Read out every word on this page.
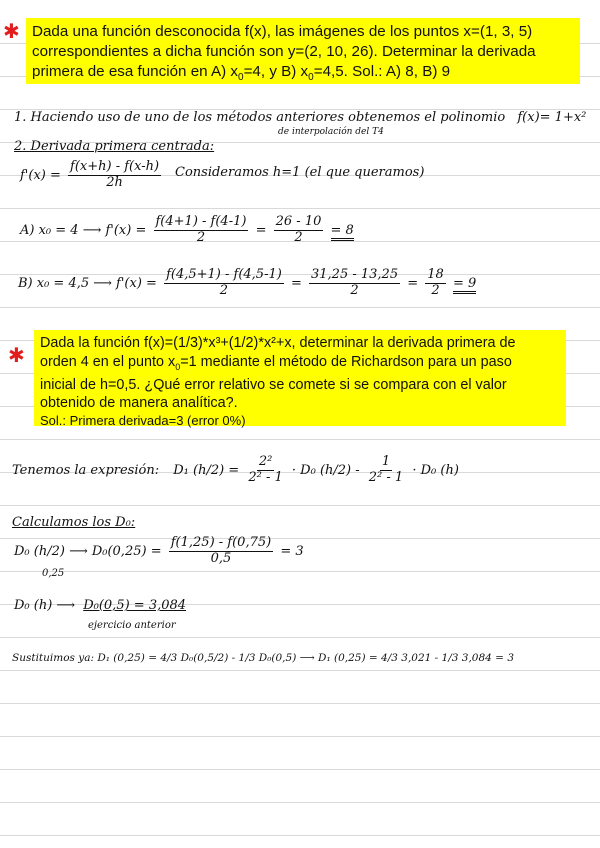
✱ Dada una función desconocida f(x), las imágenes de los puntos x=(1, 3, 5)
correspondientes a dicha función son y=(2, 10, 26). Determinar la derivada
primera de esa función en A) $x_0=4$, y B) $x_0=4,5$. Sol.: A) 8, B) 9
1. Haciendo uso de uno de los métodos anteriores obtenemos el polinomio f(x)= 1+x²
de interpolación del T4
2. Derivada primera centrada:
$f'(x) = \frac{f(x+h) - f(x-h)}{2h}$ Consideramos h=1 (el que queramos)
A) x₀ = 4 ⟶ $f'(x) = \frac{f(4+1) - f(4-1)}{2} = \frac{26 - 10}{2} = 8$
B) x₀ = 4,5 ⟶ $f'(x) = \frac{f(4,5+1) - f(4,5-1)}{2} = \frac{31,25 - 13,25}{2} = \frac{18}{2} = 9$
✱ Dada la función f(x)=(1/3)*x³+(1/2)*x²+x, determinar la derivada primera de
orden 4 en el punto $x_0=1$ mediante el método de Richardson para un paso
inicial de h=0,5. ¿Qué error relativo se comete si se compara con el valor
obtenido de manera analítica?.
Sol.: Primera derivada=3 (error 0%)
Tenemos la expresión: D₁ $(h/2) = \frac{\text{2²}}{\text{2² - 1}} \cdot D_0$ $(h/2) - \frac{1}{\text{2² - 1}} \cdot D_0$ (h)
Calculamos los D₀:
D₀ (h/2) ⟶ $D_0(0,25) = \frac{f(1,25) - f(0,75)}{0,5} = 3$
0,25
D₀ (h) ⟶ D₀(0,5) = 3,084
ejercicio anterior
Sustituimos ya: D₁ (0,25) = 4/3 D₀(0,5/2) - 1/3 D₀(0,5) ⟶ D₁ (0,25) = 4/3 3,021 - 1/3 3,084 = 3
